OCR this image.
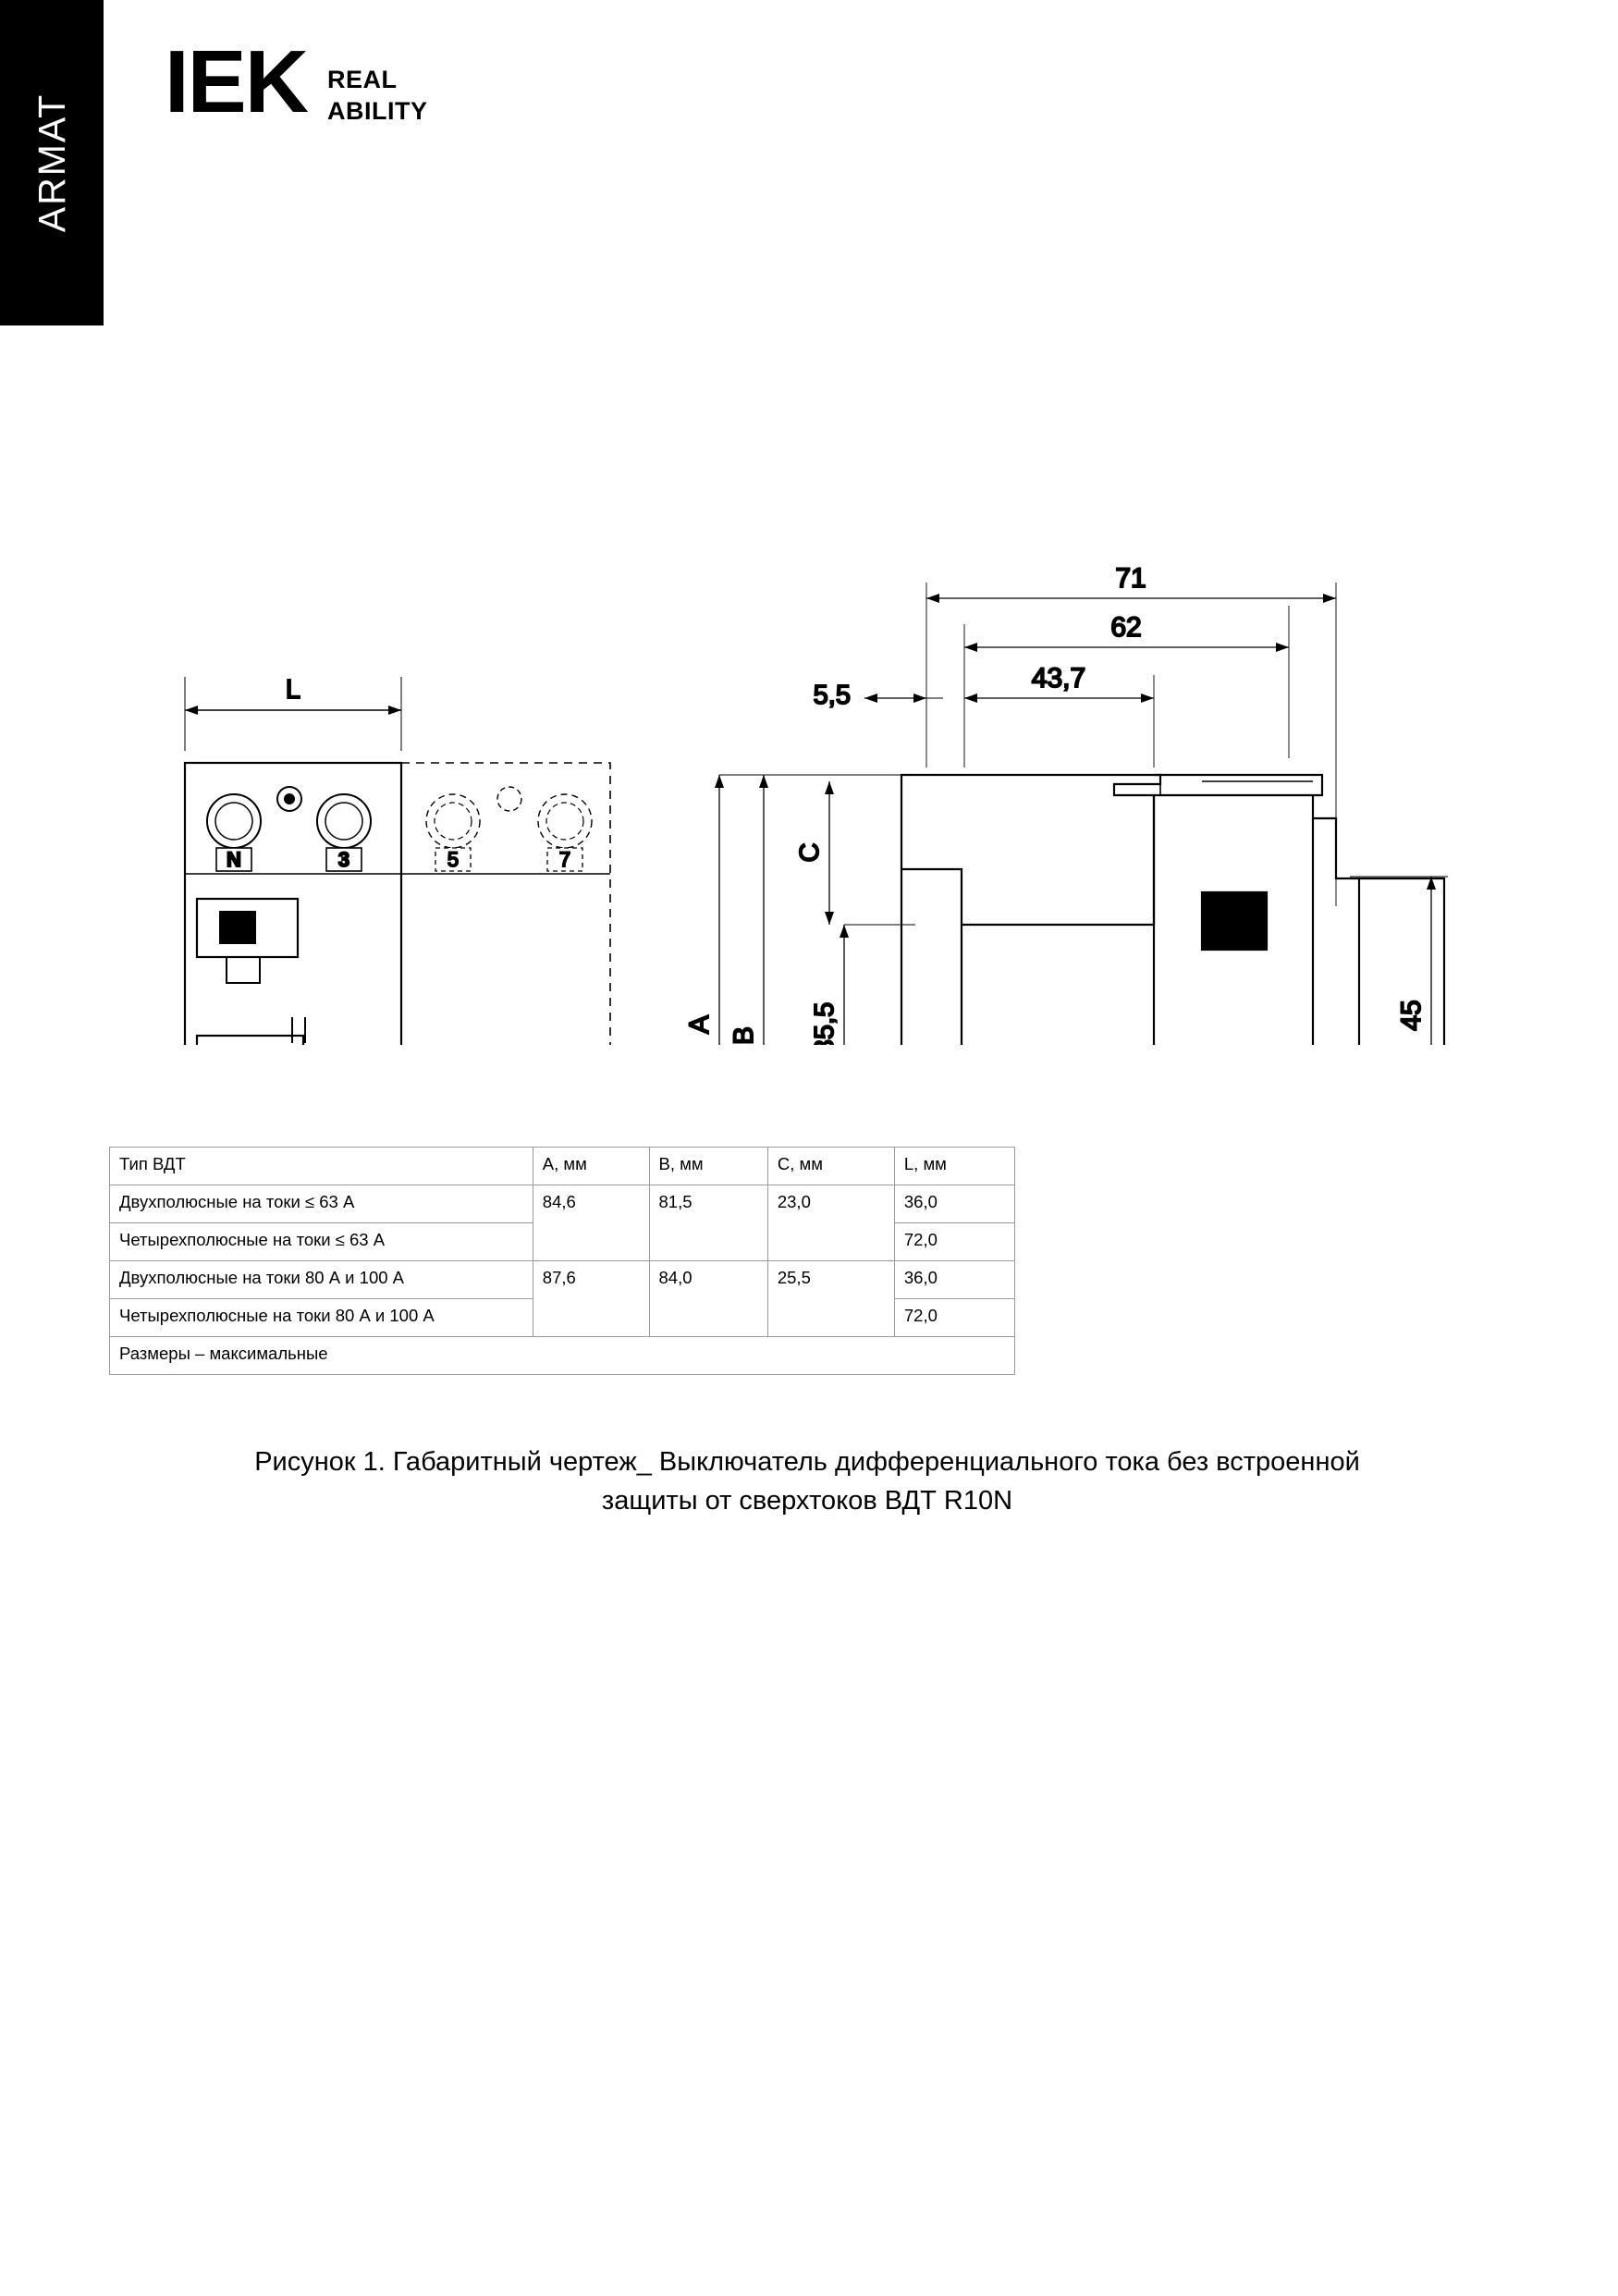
ARMAT
IEK REAL
ABILITY
L
N	3	5	7
T
71
62
5,5
43,7
A
B
C
35,5	45
Тип ВДТ	A, мм	B, мм	C, мм	L, мм
Двухполюсные на токи ≤ 63 А	84,6	81,5	23,0	36,0
Четырехполюсные на токи ≤ 63 А				72,0
Двухполюсные на токи 80 А и 100 А	87,6	84,0	25,5	36,0
Четырехполюсные на токи 80 А и 100 А				72,0
Размеры – максимальные				
Рисунок 1. Габаритный чертеж_ Выключатель дифференциального тока без встроенной
защиты от сверхтоков ВДТ R10N
